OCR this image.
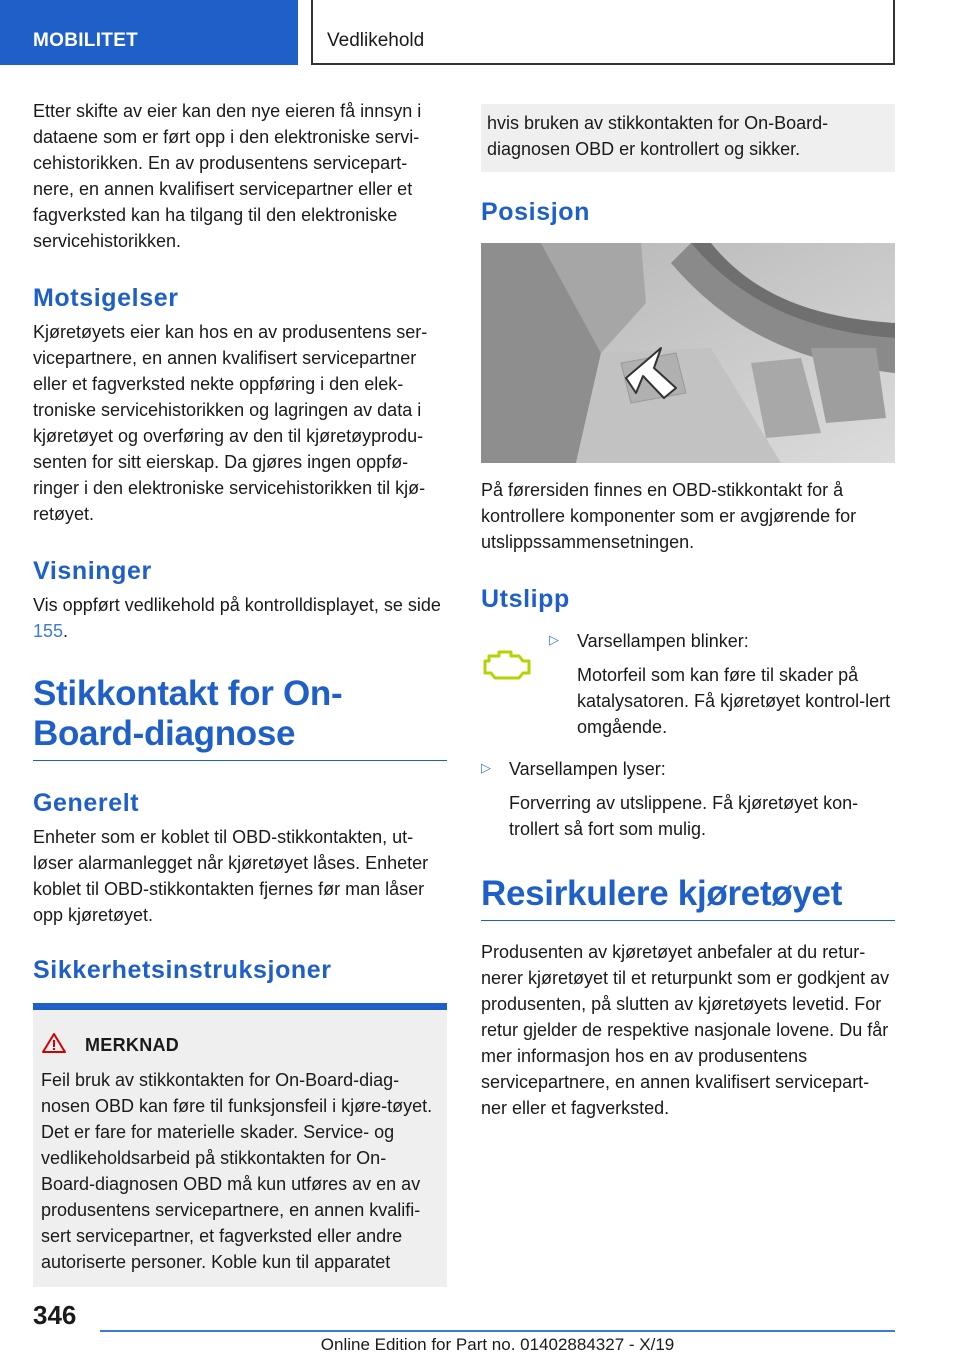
MOBILITET	Vedlikehold

Etter skifte av eier kan den nye eieren få innsyn i dataene som er ført opp i den elektroniske servi-cehistorikken. En av produsentens servicepart-nere, en annen kvalifisert servicepartner eller et fagverksted kan ha tilgang til den elektroniske servicehistorikken.

Motsigelser

Kjøretøyets eier kan hos en av produsentens ser-vicepartnere, en annen kvalifisert servicepartner eller et fagverksted nekte oppføring i den elek-troniske servicehistorikken og lagringen av data i kjøretøyet og overføring av den til kjøretøyprodu-senten for sitt eierskap. Da gjøres ingen oppfø-ringer i den elektroniske servicehistorikken til kjø-retøyet.

Visninger

Vis oppført vedlikehold på kontrolldisplayet, se side 155.

Stikkontakt for On-Board-diagnose
Generelt

Enheter som er koblet til OBD-stikkontakten, ut-løser alarmanlegget når kjøretøyet låses. Enheter koblet til OBD-stikkontakten fjernes før man låser opp kjøretøyet.

Sikkerhetsinstruksjoner
MERKNAD

Feil bruk av stikkontakten for On-Board-diag-nosen OBD kan føre til funksjonsfeil i kjøre-tøyet. Det er fare for materielle skader. Service- og vedlikeholdsarbeid på stikkontakten for On-Board-diagnosen OBD må kun utføres av en av produsentens servicepartnere, en annen kvalifi-sert servicepartner, et fagverksted eller andre autoriserte personer. Koble kun til apparatet

hvis bruken av stikkontakten for On-Board-diagnosen OBD er kontrollert og sikker.

Posisjon

På førersiden finnes en OBD-stikkontakt for å kontrollere komponenter som er avgjørende for utslippssammensetningen.

Utslipp
▷	Varsellampen blinker:

Motorfeil som kan føre til skader på katalysatoren. Få kjøretøyet kontrol-lert omgående.

▷	Varsellampen lyser:

Forverring av utslippene. Få kjøretøyet kon-trollert så fort som mulig.

Resirkulere kjøretøyet

Produsenten av kjøretøyet anbefaler at du retur-nerer kjøretøyet til et returpunkt som er godkjent av produsenten, på slutten av kjøretøyets levetid. For retur gjelder de respektive nasjonale lovene. Du får mer informasjon hos en av produsentens servicepartnere, en annen kvalifisert servicepart-ner eller et fagverksted.

346
Online Edition for Part no. 01402884327 - X/19
